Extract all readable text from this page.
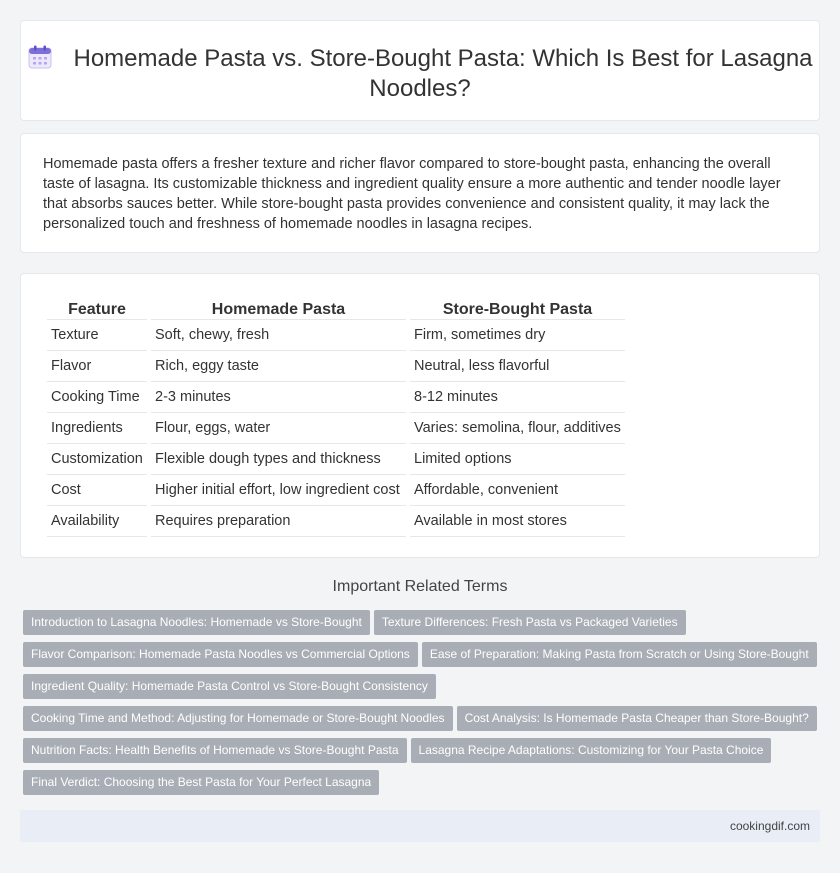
Homemade Pasta vs. Store-Bought Pasta: Which Is Best for Lasagna Noodles?

Homemade pasta offers a fresher texture and richer flavor compared to store-bought pasta, enhancing the overall taste of lasagna. Its customizable thickness and ingredient quality ensure a more authentic and tender noodle layer that absorbs sauces better. While store-bought pasta provides convenience and consistent quality, it may lack the personalized touch and freshness of homemade noodles in lasagna recipes.

Feature	Homemade Pasta	Store-Bought Pasta
Texture	Soft, chewy, fresh	Firm, sometimes dry
Flavor	Rich, eggy taste	Neutral, less flavorful
Cooking Time	2-3 minutes	8-12 minutes
Ingredients	Flour, eggs, water	Varies: semolina, flour, additives
Customization	Flexible dough types and thickness	Limited options
Cost	Higher initial effort, low ingredient cost	Affordable, convenient
Availability	Requires preparation	Available in most stores
Important Related Terms
Introduction to Lasagna Noodles: Homemade vs Store-Bought Texture Differences: Fresh Pasta vs Packaged Varieties
Flavor Comparison: Homemade Pasta Noodles vs Commercial Options Ease of Preparation: Making Pasta from Scratch or Using Store-Bought
Ingredient Quality: Homemade Pasta Control vs Store-Bought Consistency
Cooking Time and Method: Adjusting for Homemade or Store-Bought Noodles Cost Analysis: Is Homemade Pasta Cheaper than Store-Bought?
Nutrition Facts: Health Benefits of Homemade vs Store-Bought Pasta Lasagna Recipe Adaptations: Customizing for Your Pasta Choice
Final Verdict: Choosing the Best Pasta for Your Perfect Lasagna
cookingdif.com
